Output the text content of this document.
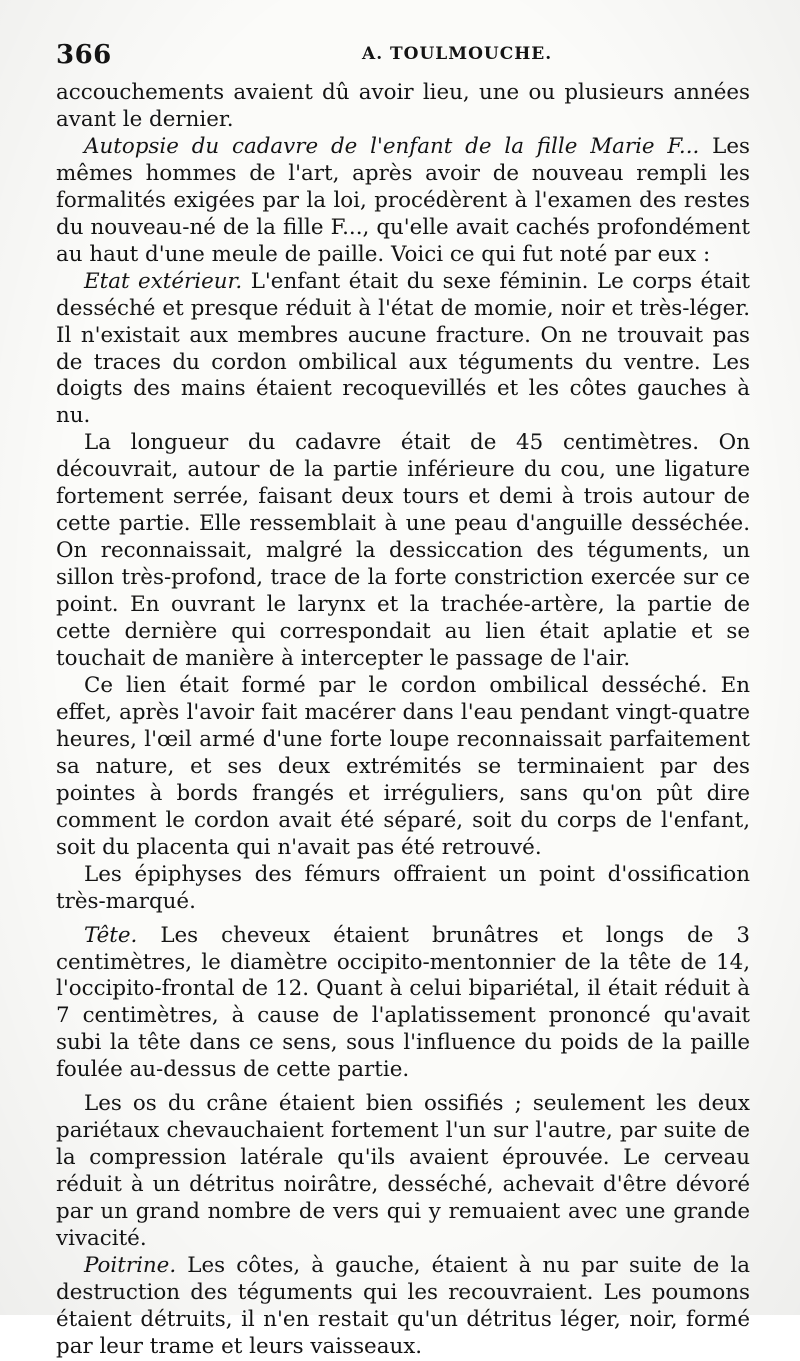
366	A. TOULMOUCHE.

accouchements avaient dû avoir lieu, une ou plusieurs années avant le dernier.

Autopsie du cadavre de l'enfant de la fille Marie F... Les mêmes hommes de l'art, après avoir de nouveau rempli les formalités exigées par la loi, procédèrent à l'examen des restes du nouveau-né de la fille F..., qu'elle avait cachés profondément au haut d'une meule de paille. Voici ce qui fut noté par eux :

Etat extérieur. L'enfant était du sexe féminin. Le corps était desséché et presque réduit à l'état de momie, noir et très-léger. Il n'existait aux membres aucune fracture. On ne trouvait pas de traces du cordon ombilical aux téguments du ventre. Les doigts des mains étaient recoquevillés et les côtes gauches à nu.

La longueur du cadavre était de 45 centimètres. On découvrait, autour de la partie inférieure du cou, une ligature fortement serrée, faisant deux tours et demi à trois autour de cette partie. Elle ressemblait à une peau d'anguille desséchée. On reconnaissait, malgré la dessiccation des téguments, un sillon très-profond, trace de la forte constriction exercée sur ce point. En ouvrant le larynx et la trachée-artère, la partie de cette dernière qui correspondait au lien était aplatie et se touchait de manière à intercepter le passage de l'air.

Ce lien était formé par le cordon ombilical desséché. En effet, après l'avoir fait macérer dans l'eau pendant vingt-quatre heures, l'œil armé d'une forte loupe reconnaissait parfaitement sa nature, et ses deux extrémités se terminaient par des pointes à bords frangés et irréguliers, sans qu'on pût dire comment le cordon avait été séparé, soit du corps de l'enfant, soit du placenta qui n'avait pas été retrouvé.

Les épiphyses des fémurs offraient un point d'ossification très-marqué.

Tête. Les cheveux étaient brunâtres et longs de 3 centimètres, le diamètre occipito-mentonnier de la tête de 14, l'occipito-frontal de 12. Quant à celui bipariétal, il était réduit à 7 centimètres, à cause de l'aplatissement prononcé qu'avait subi la tête dans ce sens, sous l'influence du poids de la paille foulée au-dessus de cette partie.

Les os du crâne étaient bien ossifiés ; seulement les deux pariétaux chevauchaient fortement l'un sur l'autre, par suite de la compression latérale qu'ils avaient éprouvée. Le cerveau réduit à un détritus noirâtre, desséché, achevait d'être dévoré par un grand nombre de vers qui y remuaient avec une grande vivacité.

Poitrine. Les côtes, à gauche, étaient à nu par suite de la destruction des téguments qui les recouvraient. Les poumons étaient détruits, il n'en restait qu'un détritus léger, noir, formé par leur trame et leurs vaisseaux.
